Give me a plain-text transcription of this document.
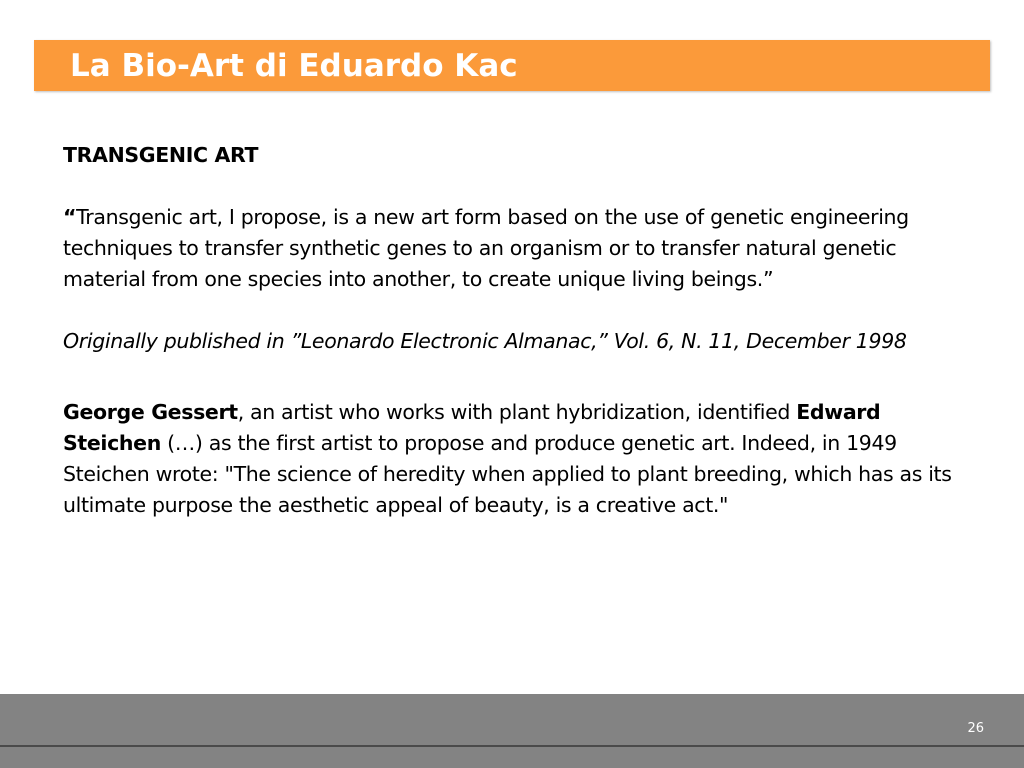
La Bio-Art di Eduardo Kac

TRANSGENIC ART

“Transgenic art, I propose, is a new art form based on the use of genetic engineering techniques to transfer synthetic genes to an organism or to transfer natural genetic material from one species into another, to create unique living beings.”

Originally published in ”Leonardo Electronic Almanac,” Vol. 6, N. 11, December 1998

George Gessert, an artist who works with plant hybridization, identified Edward Steichen (…) as the first artist to propose and produce genetic art. Indeed, in 1949 Steichen wrote: "The science of heredity when applied to plant breeding, which has as its ultimate purpose the aesthetic appeal of beauty, is a creative act."

26
